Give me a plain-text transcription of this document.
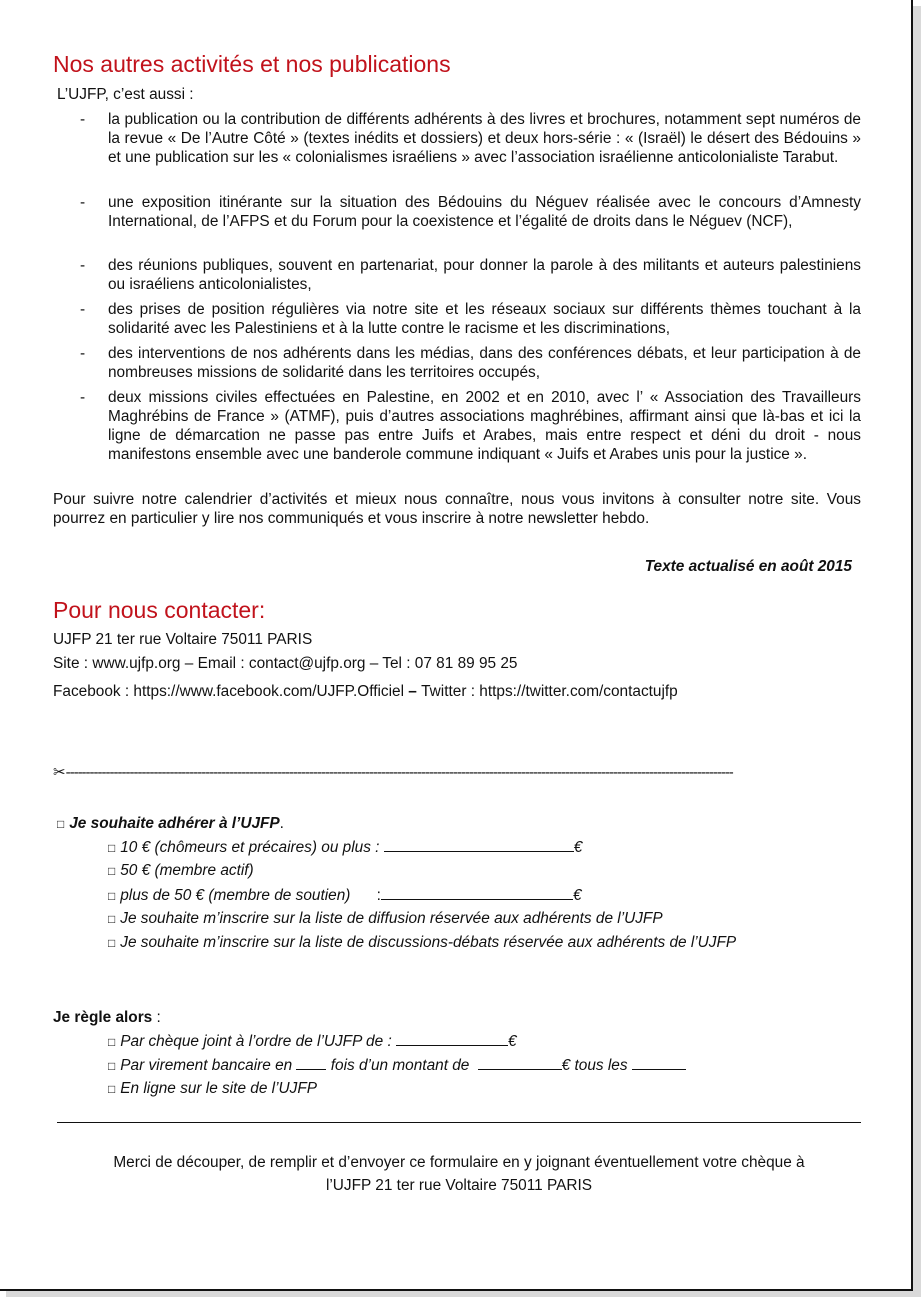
Nos autres activités et nos publications
L’UJFP, c’est aussi :
- la publication ou la contribution de différents adhérents à des livres et brochures, notamment sept numéros de la revue « De l’Autre Côté » (textes inédits et dossiers) et deux hors-série : « (Israël) le désert des Bédouins » et une publication sur les « colonialismes israéliens » avec l’association israélienne anticolonialiste Tarabut.
- une exposition itinérante sur la situation des Bédouins du Néguev réalisée avec le concours d’Amnesty International, de l’AFPS et du Forum pour la coexistence et l’égalité de droits dans le Néguev (NCF),
- des réunions publiques, souvent en partenariat, pour donner la parole à des militants et auteurs palestiniens ou israéliens anticolonialistes,
- des prises de position régulières via notre site et les réseaux sociaux sur différents thèmes touchant à la solidarité avec les Palestiniens et à la lutte contre le racisme et les discriminations,
- des interventions de nos adhérents dans les médias, dans des conférences débats, et leur participation à de nombreuses missions de solidarité dans les territoires occupés,
- deux missions civiles effectuées en Palestine, en 2002 et en 2010, avec l’ « Association des Travailleurs Maghrébins de France » (ATMF), puis d’autres associations maghrébines, affirmant ainsi que là-bas et ici la ligne de démarcation ne passe pas entre Juifs et Arabes, mais entre respect et déni du droit - nous manifestons ensemble avec une banderole commune indiquant « Juifs et Arabes unis pour la justice ».
Pour suivre notre calendrier d’activités et mieux nous connaître, nous vous invitons à consulter notre site. Vous pourrez en particulier y lire nos communiqués et vous inscrire à notre newsletter hebdo.
Texte actualisé en août 2015
Pour nous contacter:
UJFP 21 ter rue Voltaire 75011 PARIS
Site : www.ujfp.org – Email : contact@ujfp.org – Tel : 07 81 89 95 25
Facebook : https://www.facebook.com/UJFP.Officiel – Twitter : https://twitter.com/contactujfp
✂-----------------------------------------------------------------------------------------------------------------------------------------------------------------------
□ Je souhaite adhérer à l’UJFP.
□ 10 € (chômeurs et précaires) ou plus :	€
□ 50 € (membre actif)
□ plus de 50 € (membre de soutien) :	€
□ Je souhaite m’inscrire sur la liste de diffusion réservée aux adhérents de l’UJFP
□ Je souhaite m’inscrire sur la liste de discussions-débats réservée aux adhérents de l’UJFP
Je règle alors :
□ Par chèque joint à l’ordre de l’UJFP de :	€
□ Par virement bancaire en	fois d’un montant de	€ tous les
□ En ligne sur le site de l’UJFP
Merci de découper, de remplir et d’envoyer ce formulaire en y joignant éventuellement votre chèque à
l’UJFP 21 ter rue Voltaire 75011 PARIS
